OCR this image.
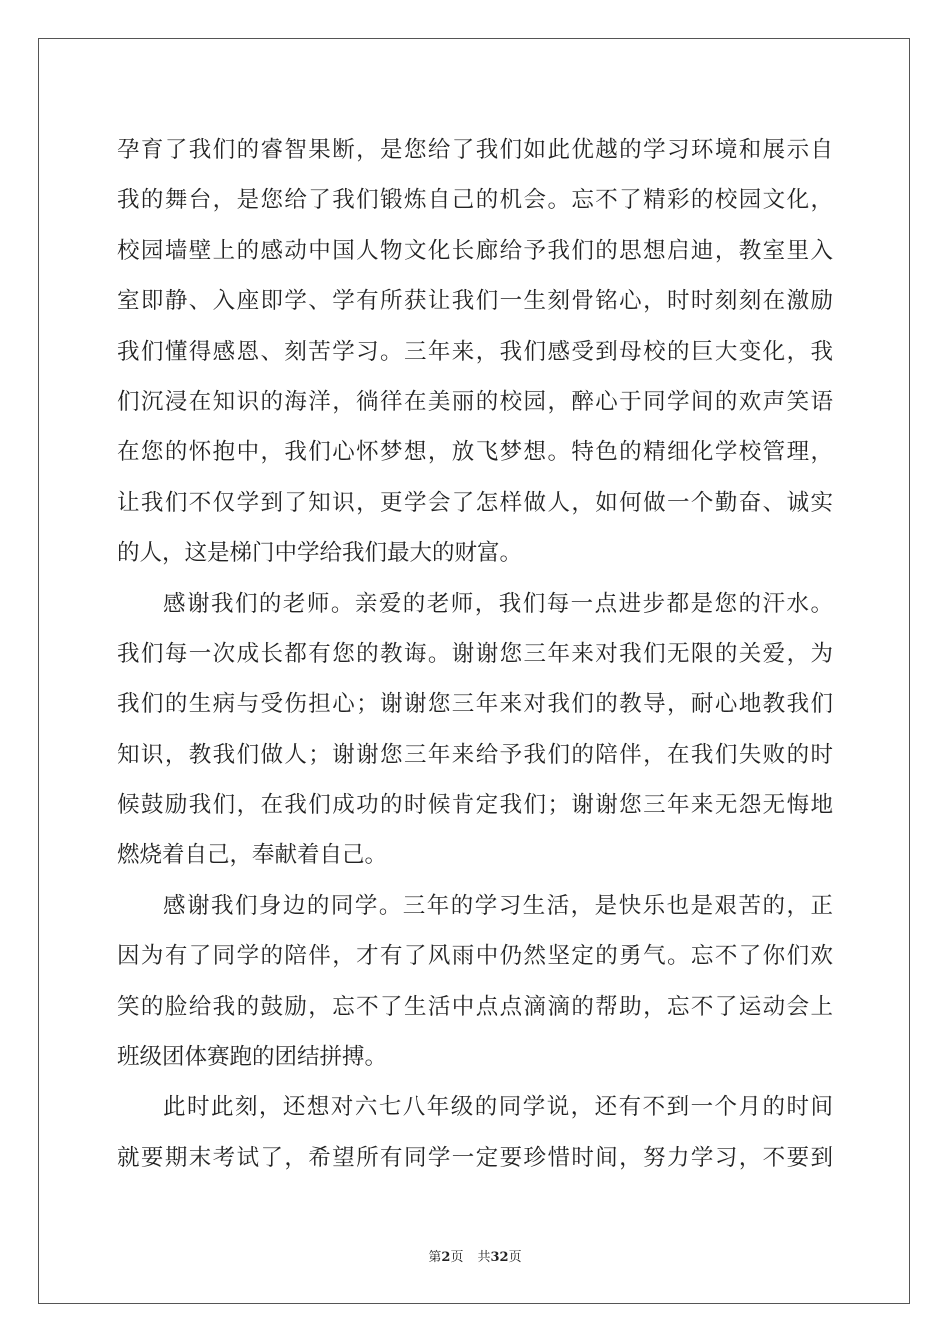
孕育了我们的睿智果断，是您给了我们如此优越的学习环境和展示自
我的舞台，是您给了我们锻炼自己的机会。忘不了精彩的校园文化，
校园墙壁上的感动中国人物文化长廊给予我们的思想启迪，教室里入
室即静、入座即学、学有所获让我们一生刻骨铭心，时时刻刻在激励
我们懂得感恩、刻苦学习。三年来，我们感受到母校的巨大变化，我
们沉浸在知识的海洋，徜徉在美丽的校园，醉心于同学间的欢声笑语
在您的怀抱中，我们心怀梦想，放飞梦想。特色的精细化学校管理，
让我们不仅学到了知识，更学会了怎样做人，如何做一个勤奋、诚实
的人，这是梯门中学给我们最大的财富。
感谢我们的老师。亲爱的老师，我们每一点进步都是您的汗水。
我们每一次成长都有您的教诲。谢谢您三年来对我们无限的关爱，为
我们的生病与受伤担心；谢谢您三年来对我们的教导，耐心地教我们
知识，教我们做人；谢谢您三年来给予我们的陪伴，在我们失败的时
候鼓励我们，在我们成功的时候肯定我们；谢谢您三年来无怨无悔地
燃烧着自己，奉献着自己。
感谢我们身边的同学。三年的学习生活，是快乐也是艰苦的，正
因为有了同学的陪伴，才有了风雨中仍然坚定的勇气。忘不了你们欢
笑的脸给我的鼓励，忘不了生活中点点滴滴的帮助，忘不了运动会上
班级团体赛跑的团结拼搏。
此时此刻，还想对六七八年级的同学说，还有不到一个月的时间
就要期末考试了，希望所有同学一定要珍惜时间，努力学习，不要到
第2页 共32页
